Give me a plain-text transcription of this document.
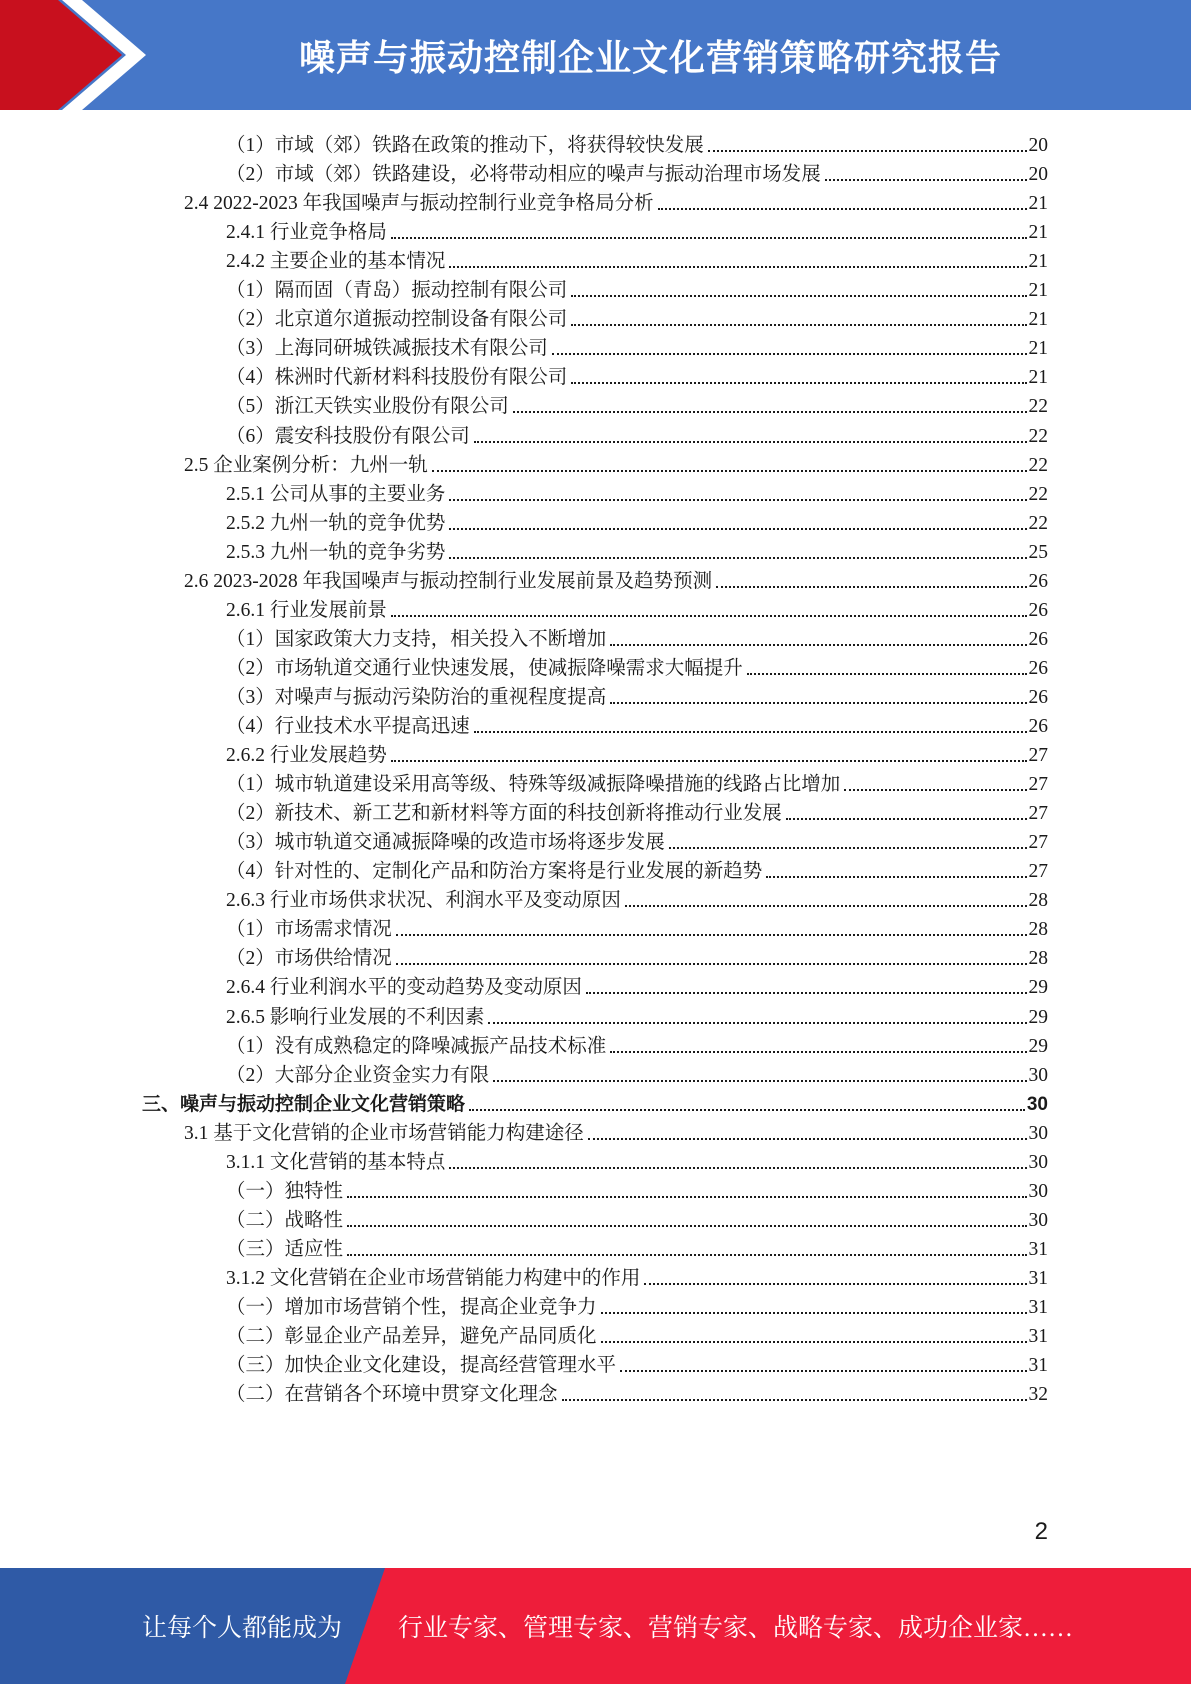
噪声与振动控制企业文化营销策略研究报告
（1）市域（郊）铁路在政策的推动下，将获得较快发展	20
（2）市域（郊）铁路建设，必将带动相应的噪声与振动治理市场发展	20
2.4 2022-2023 年我国噪声与振动控制行业竞争格局分析	21
2.4.1 行业竞争格局	21
2.4.2 主要企业的基本情况	21
（1）隔而固（青岛）振动控制有限公司	21
（2）北京道尔道振动控制设备有限公司	21
（3）上海同研城铁减振技术有限公司	21
（4）株洲时代新材料科技股份有限公司	21
（5）浙江天铁实业股份有限公司	22
（6）震安科技股份有限公司	22
2.5 企业案例分析：九州一轨	22
2.5.1 公司从事的主要业务	22
2.5.2 九州一轨的竞争优势	22
2.5.3 九州一轨的竞争劣势	25
2.6 2023-2028 年我国噪声与振动控制行业发展前景及趋势预测	26
2.6.1 行业发展前景	26
（1）国家政策大力支持，相关投入不断增加	26
（2）市场轨道交通行业快速发展，使减振降噪需求大幅提升	26
（3）对噪声与振动污染防治的重视程度提高	26
（4）行业技术水平提高迅速	26
2.6.2 行业发展趋势	27
（1）城市轨道建设采用高等级、特殊等级减振降噪措施的线路占比增加	27
（2）新技术、新工艺和新材料等方面的科技创新将推动行业发展	27
（3）城市轨道交通减振降噪的改造市场将逐步发展	27
（4）针对性的、定制化产品和防治方案将是行业发展的新趋势	27
2.6.3 行业市场供求状况、利润水平及变动原因	28
（1）市场需求情况	28
（2）市场供给情况	28
2.6.4 行业利润水平的变动趋势及变动原因	29
2.6.5 影响行业发展的不利因素	29
（1）没有成熟稳定的降噪减振产品技术标准	29
（2）大部分企业资金实力有限	30
三、噪声与振动控制企业文化营销策略	30
3.1 基于文化营销的企业市场营销能力构建途径	30
3.1.1 文化营销的基本特点	30
（一）独特性	30
（二）战略性	30
（三）适应性	31
3.1.2 文化营销在企业市场营销能力构建中的作用	31
（一）增加市场营销个性，提高企业竞争力	31
（二）彰显企业产品差异，避免产品同质化	31
（三）加快企业文化建设，提高经营管理水平	31
（二）在营销各个环境中贯穿文化理念	32
2
让每个人都能成为 行业专家、管理专家、营销专家、战略专家、成功企业家……
